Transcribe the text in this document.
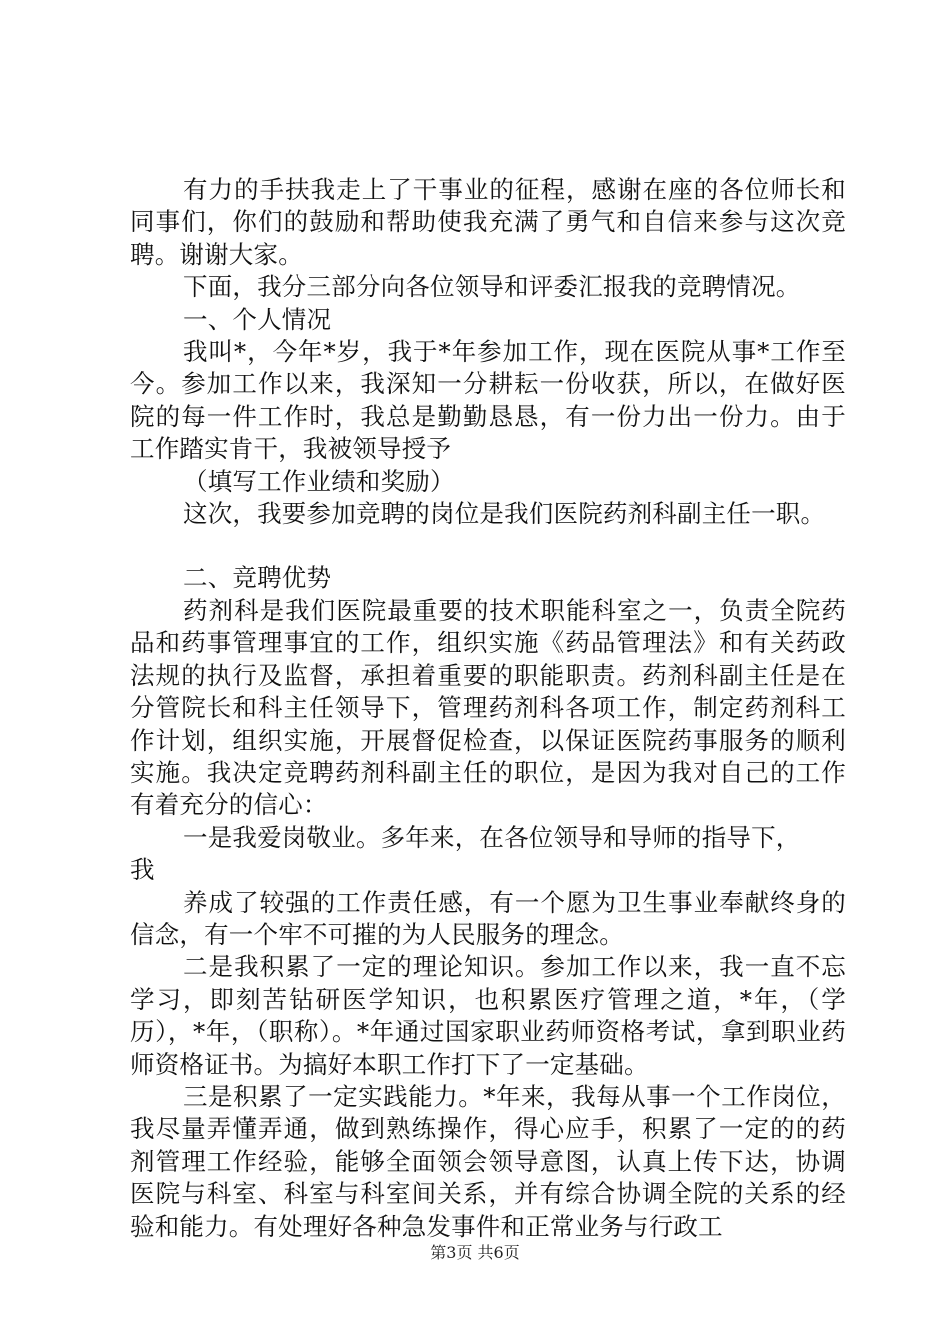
有力的手扶我走上了干事业的征程，感谢在座的各位师长和同事们，你们的鼓励和帮助使我充满了勇气和自信来参与这次竞聘。谢谢大家。

下面，我分三部分向各位领导和评委汇报我的竞聘情况。

一、个人情况

我叫*，今年*岁，我于*年参加工作，现在医院从事*工作至今。参加工作以来，我深知一分耕耘一份收获，所以，在做好医院的每一件工作时，我总是勤勤恳恳，有一份力出一份力。由于工作踏实肯干，我被领导授予

（填写工作业绩和奖励）

这次，我要参加竞聘的岗位是我们医院药剂科副主任一职。

二、竞聘优势

药剂科是我们医院最重要的技术职能科室之一，负责全院药品和药事管理事宜的工作，组织实施《药品管理法》和有关药政法规的执行及监督，承担着重要的职能职责。药剂科副主任是在分管院长和科主任领导下，管理药剂科各项工作，制定药剂科工作计划，组织实施，开展督促检查，以保证医院药事服务的顺利实施。我决定竞聘药剂科副主任的职位，是因为我对自己的工作有着充分的信心：

一是我爱岗敬业。多年来，在各位领导和导师的指导下，

我

养成了较强的工作责任感，有一个愿为卫生事业奉献终身的信念，有一个牢不可摧的为人民服务的理念。

二是我积累了一定的理论知识。参加工作以来，我一直不忘学习，即刻苦钻研医学知识，也积累医疗管理之道，*年，（学历），*年，（职称）。*年通过国家职业药师资格考试，拿到职业药师资格证书。为搞好本职工作打下了一定基础。

三是积累了一定实践能力。*年来，我每从事一个工作岗位，我尽量弄懂弄通，做到熟练操作，得心应手，积累了一定的的药剂管理工作经验，能够全面领会领导意图，认真上传下达，协调医院与科室、科室与科室间关系，并有综合协调全院的关系的经验和能力。有处理好各种急发事件和正常业务与行政工

第3页 共6页
